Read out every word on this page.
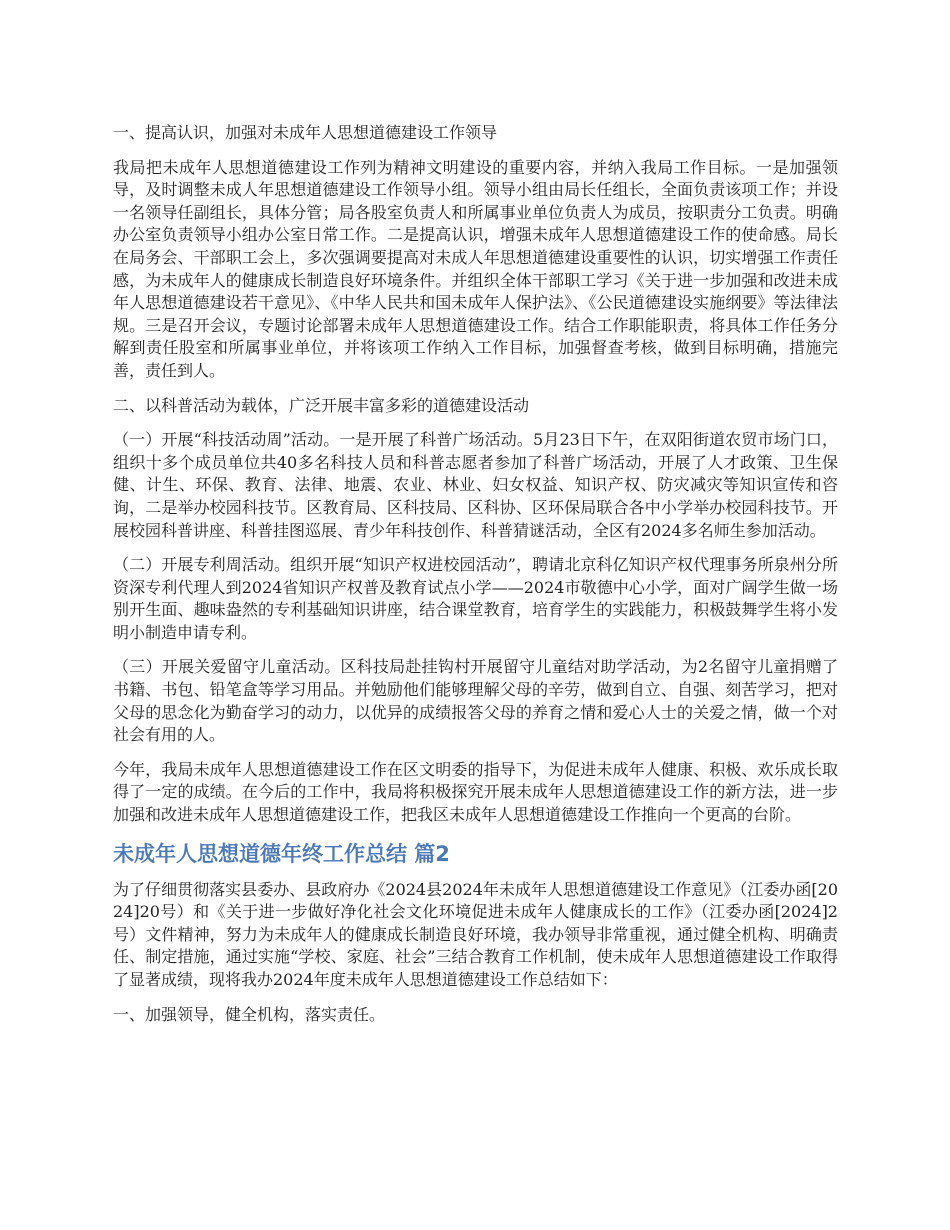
一、提高认识，加强对未成年人思想道德建设工作领导

我局把未成年人思想道德建设工作列为精神文明建设的重要内容，并纳入我局工作目标。一是加强领导，及时调整未成人年思想道德建设工作领导小组。领导小组由局长任组长，全面负责该项工作；并设一名领导任副组长，具体分管；局各股室负责人和所属事业单位负责人为成员，按职责分工负责。明确办公室负责领导小组办公室日常工作。二是提高认识，增强未成年人思想道德建设工作的使命感。局长在局务会、干部职工会上，多次强调要提高对未成人年思想道德建设重要性的认识，切实增强工作责任感，为未成年人的健康成长制造良好环境条件。并组织全体干部职工学习《关于进一步加强和改进未成年人思想道德建设若干意见》、《中华人民共和国未成年人保护法》、《公民道德建设实施纲要》等法律法规。三是召开会议，专题讨论部署未成年人思想道德建设工作。结合工作职能职责，将具体工作任务分解到责任股室和所属事业单位，并将该项工作纳入工作目标，加强督查考核，做到目标明确，措施完善，责任到人。

二、以科普活动为载体，广泛开展丰富多彩的道德建设活动

（一）开展“科技活动周”活动。一是开展了科普广场活动。5月23日下午，在双阳街道农贸市场门口，组织十多个成员单位共40多名科技人员和科普志愿者参加了科普广场活动，开展了人才政策、卫生保健、计生、环保、教育、法律、地震、农业、林业、妇女权益、知识产权、防灾减灾等知识宣传和咨询，二是举办校园科技节。区教育局、区科技局、区科协、区环保局联合各中小学举办校园科技节。开展校园科普讲座、科普挂图巡展、青少年科技创作、科普猜谜活动，全区有2024多名师生参加活动。

（二）开展专利周活动。组织开展“知识产权进校园活动”，聘请北京科亿知识产权代理事务所泉州分所资深专利代理人到2024省知识产权普及教育试点小学——2024市敬德中心小学，面对广阔学生做一场别开生面、趣味盎然的专利基础知识讲座，结合课堂教育，培育学生的实践能力，积极鼓舞学生将小发明小制造申请专利。

（三）开展关爱留守儿童活动。区科技局赴挂钩村开展留守儿童结对助学活动，为2名留守儿童捐赠了书籍、书包、铅笔盒等学习用品。并勉励他们能够理解父母的辛劳，做到自立、自强、刻苦学习，把对父母的思念化为勤奋学习的动力，以优异的成绩报答父母的养育之情和爱心人士的关爱之情，做一个对社会有用的人。

今年，我局未成年人思想道德建设工作在区文明委的指导下，为促进未成年人健康、积极、欢乐成长取得了一定的成绩。在今后的工作中，我局将积极探究开展未成年人思想道德建设工作的新方法，进一步加强和改进未成年人思想道德建设工作，把我区未成年人思想道德建设工作推向一个更高的台阶。

未成年人思想道德年终工作总结 篇2

为了仔细贯彻落实县委办、县政府办《2024县2024年未成年人思想道德建设工作意见》（江委办函[2024]20号）和《关于进一步做好净化社会文化环境促进未成年人健康成长的工作》（江委办函[2024]2号）文件精神，努力为未成年人的健康成长制造良好环境，我办领导非常重视，通过健全机构、明确责任、制定措施，通过实施“学校、家庭、社会”三结合教育工作机制，使未成年人思想道德建设工作取得了显著成绩，现将我办2024年度未成年人思想道德建设工作总结如下：

一、加强领导，健全机构，落实责任。
